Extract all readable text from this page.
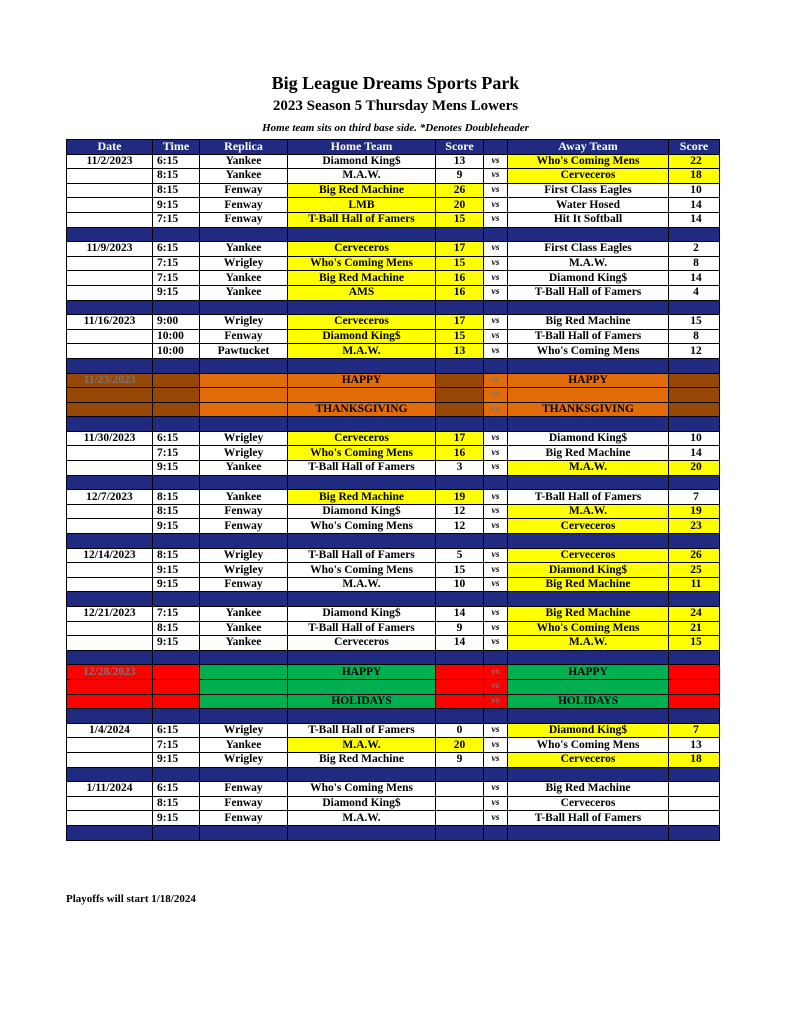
Big League Dreams Sports Park
2023 Season 5 Thursday Mens Lowers
Home team sits on third base side. *Denotes Doubleheader
Date	Time	Replica	Home Team	Score		Away Team	Score
11/2/2023	6:15	Yankee	Diamond King$	13	vs	Who's Coming Mens	22
	8:15	Yankee	M.A.W.	9	vs	Cerveceros	18
	8:15	Fenway	Big Red Machine	26	vs	First Class Eagles	10
	9:15	Fenway	LMB	20	vs	Water Hosed	14
	7:15	Fenway	T-Ball Hall of Famers	15	vs	Hit It Softball	14

11/9/2023	6:15	Yankee	Cerveceros	17	vs	First Class Eagles	2
	7:15	Wrigley	Who's Coming Mens	15	vs	M.A.W.	8
	7:15	Yankee	Big Red Machine	16	vs	Diamond King$	14
	9:15	Yankee	AMS	16	vs	T-Ball Hall of Famers	4

11/16/2023	9:00	Wrigley	Cerveceros	17	vs	Big Red Machine	15
	10:00	Fenway	Diamond King$	15	vs	T-Ball Hall of Famers	8
	10:00	Pawtucket	M.A.W.	13	vs	Who's Coming Mens	12

11/23/2023			HAPPY		vs	HAPPY	
					vs		
			THANKSGIVING		vs	THANKSGIVING	

11/30/2023	6:15	Wrigley	Cerveceros	17	vs	Diamond King$	10
	7:15	Wrigley	Who's Coming Mens	16	vs	Big Red Machine	14
	9:15	Yankee	T-Ball Hall of Famers	3	vs	M.A.W.	20

12/7/2023	8:15	Yankee	Big Red Machine	19	vs	T-Ball Hall of Famers	7
	8:15	Fenway	Diamond King$	12	vs	M.A.W.	19
	9:15	Fenway	Who's Coming Mens	12	vs	Cerveceros	23

12/14/2023	8:15	Wrigley	T-Ball Hall of Famers	5	vs	Cerveceros	26
	9:15	Wrigley	Who's Coming Mens	15	vs	Diamond King$	25
	9:15	Fenway	M.A.W.	10	vs	Big Red Machine	11

12/21/2023	7:15	Yankee	Diamond King$	14	vs	Big Red Machine	24
	8:15	Yankee	T-Ball Hall of Famers	9	vs	Who's Coming Mens	21
	9:15	Yankee	Cerveceros	14	vs	M.A.W.	15

12/28/2023			HAPPY		vs	HAPPY	
					vs		
			HOLIDAYS		vs	HOLIDAYS	

1/4/2024	6:15	Wrigley	T-Ball Hall of Famers	0	vs	Diamond King$	7
	7:15	Yankee	M.A.W.	20	vs	Who's Coming Mens	13
	9:15	Wrigley	Big Red Machine	9	vs	Cerveceros	18

1/11/2024	6:15	Fenway	Who's Coming Mens		vs	Big Red Machine	
	8:15	Fenway	Diamond King$		vs	Cerveceros	
	9:15	Fenway	M.A.W.		vs	T-Ball Hall of Famers	

Playoffs will start 1/18/2024
